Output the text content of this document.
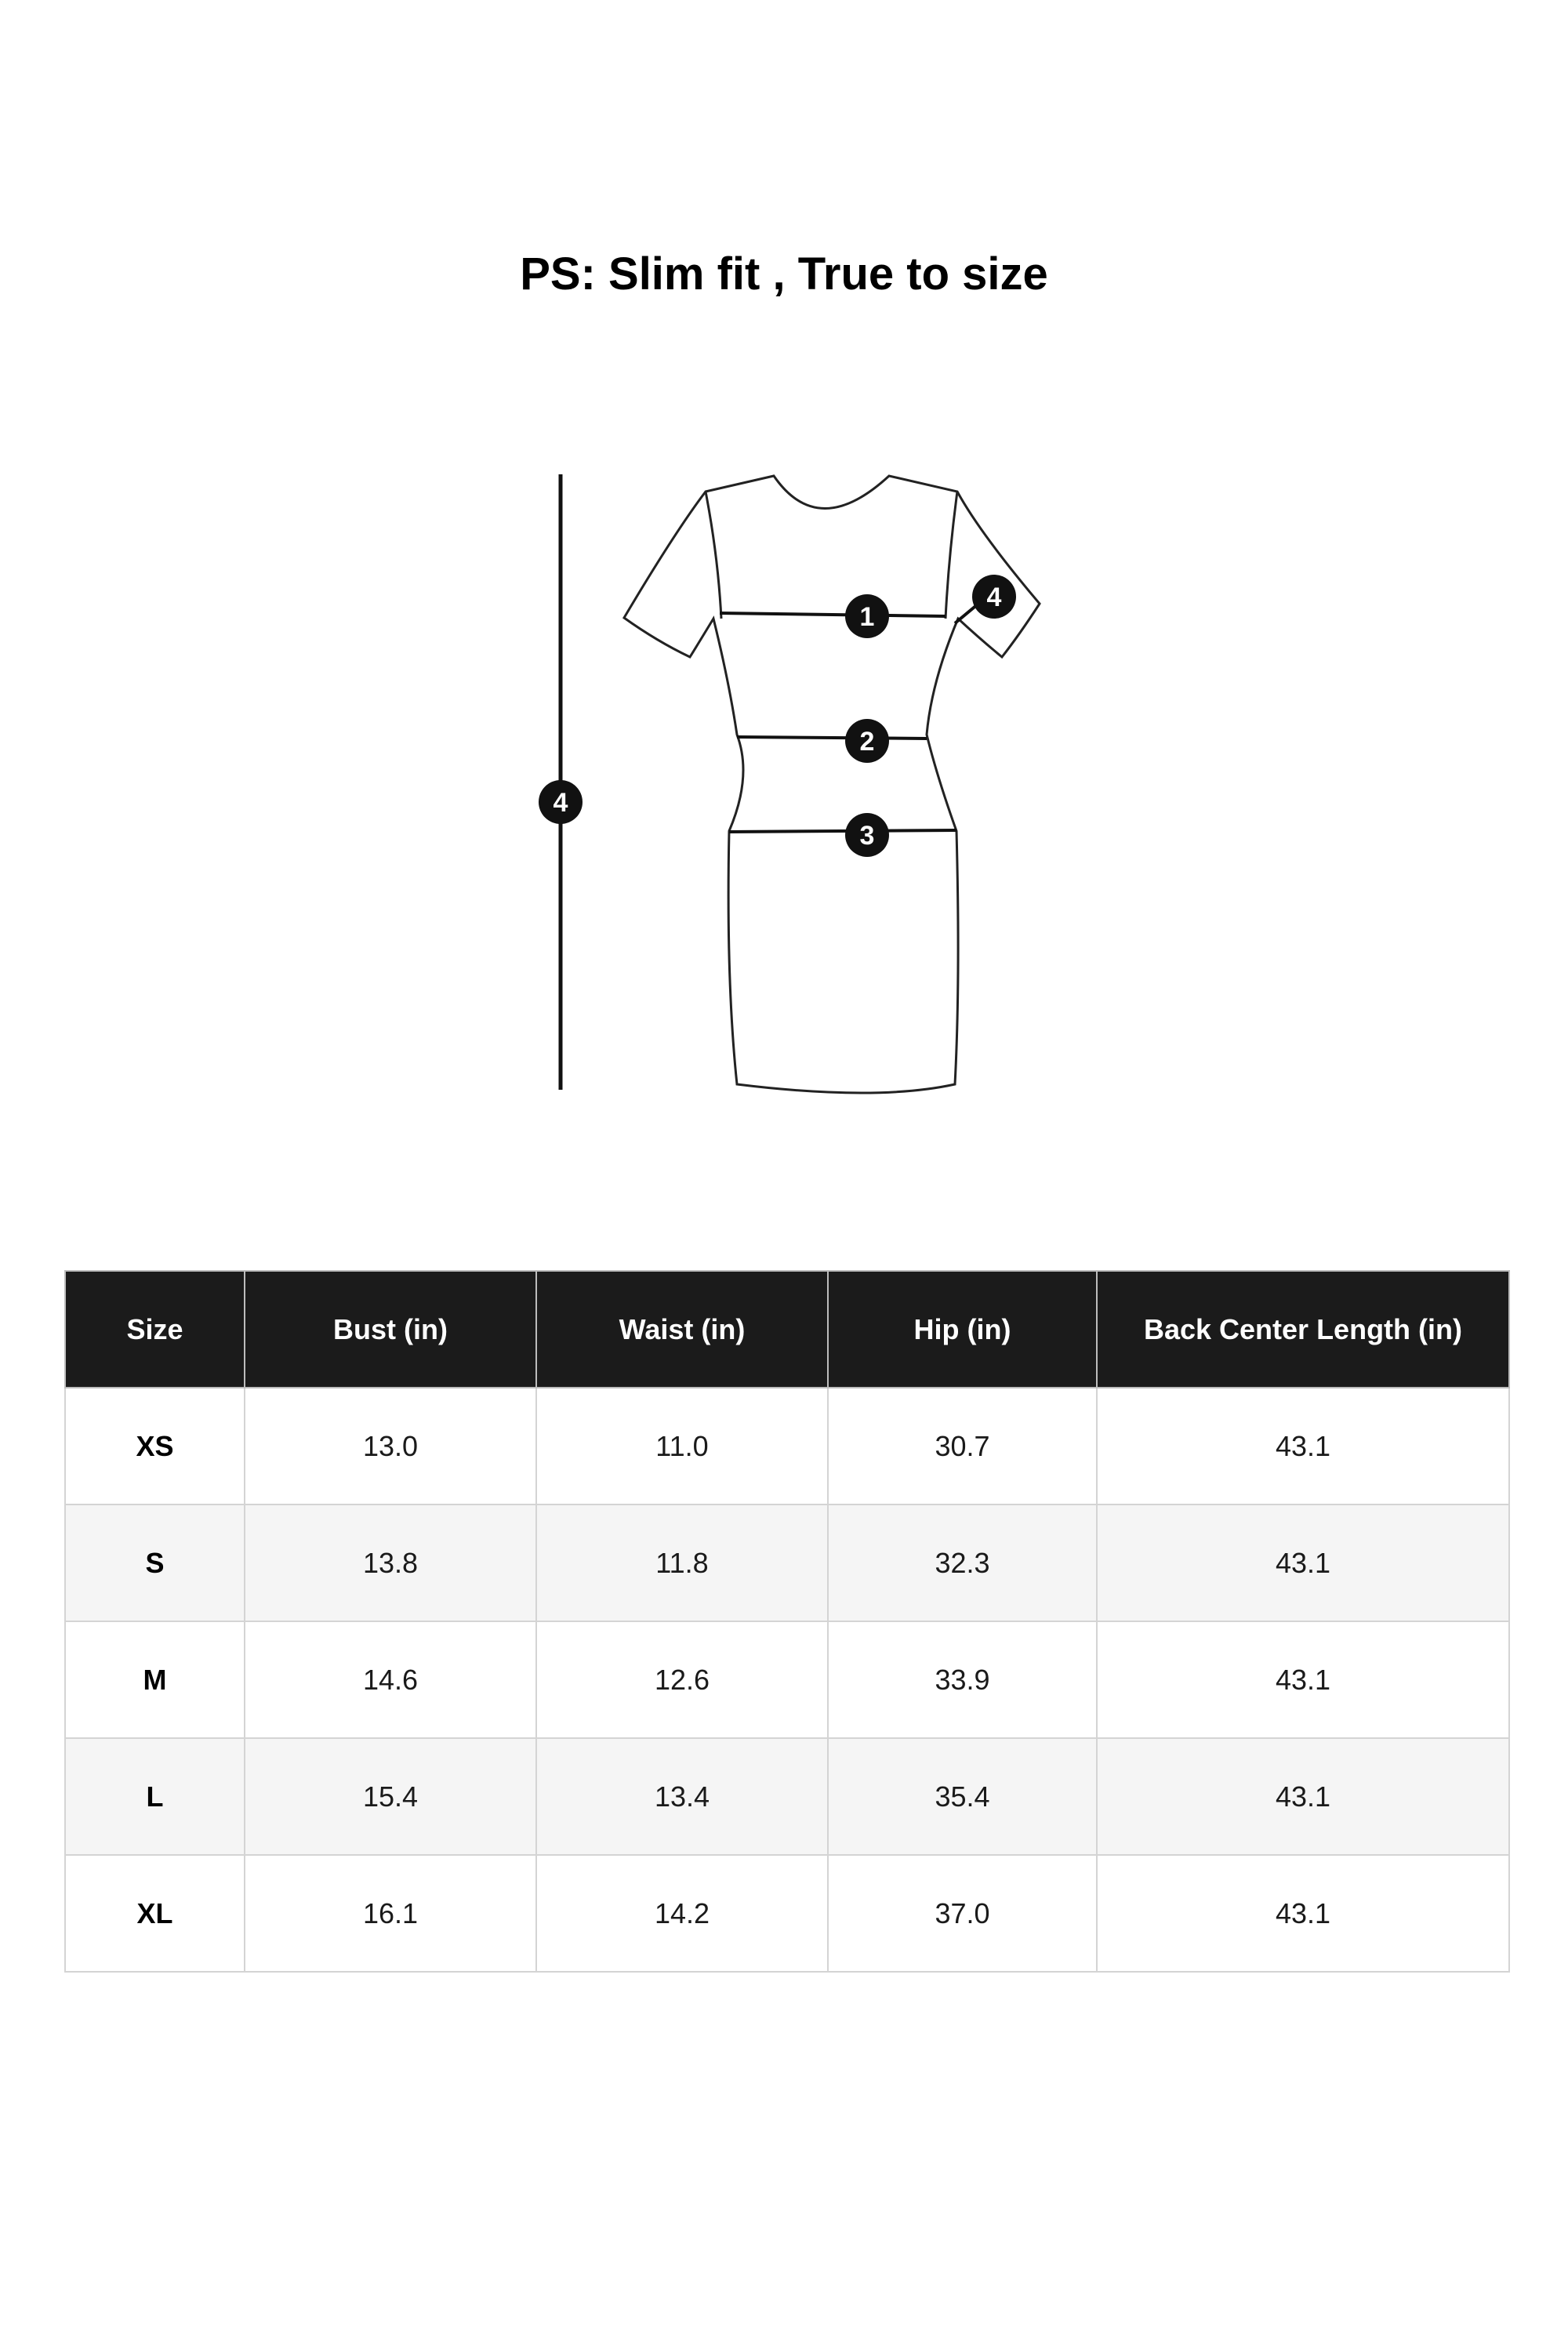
PS: Slim fit , True to size
1
2
3
4
4
Size	Bust (in)	Waist (in)	Hip (in)	Back Center Length (in)
XS	13.0	11.0	30.7	43.1
S	13.8	11.8	32.3	43.1
M	14.6	12.6	33.9	43.1
L	15.4	13.4	35.4	43.1
XL	16.1	14.2	37.0	43.1
